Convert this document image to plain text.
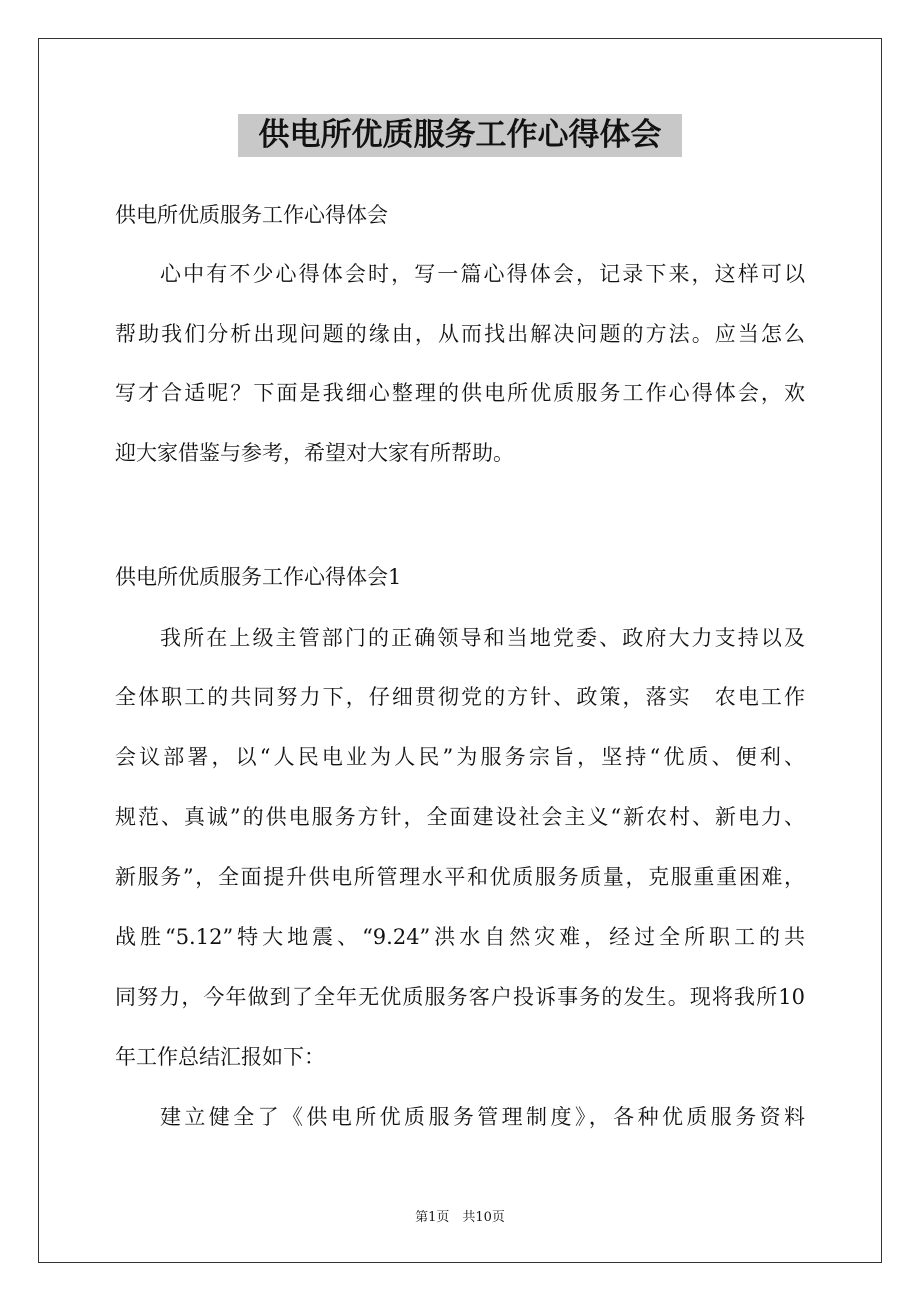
供电所优质服务工作心得体会
供电所优质服务工作心得体会
心中有不少心得体会时，写一篇心得体会，记录下来，这样可以
帮助我们分析出现问题的缘由，从而找出解决问题的方法。应当怎么
写才合适呢？下面是我细心整理的供电所优质服务工作心得体会，欢
迎大家借鉴与参考，希望对大家有所帮助。
供电所优质服务工作心得体会1
我所在上级主管部门的正确领导和当地党委、政府大力支持以及
全体职工的共同努力下，仔细贯彻党的方针、政策，落实　农电工作
会议部署，以“人民电业为人民”为服务宗旨，坚持“优质、便利、
规范、真诚”的供电服务方针，全面建设社会主义“新农村、新电力、
新服务”，全面提升供电所管理水平和优质服务质量，克服重重困难，
战胜“5.12”特大地震、“9.24”洪水自然灾难，经过全所职工的共
同努力，今年做到了全年无优质服务客户投诉事务的发生。现将我所10
年工作总结汇报如下：
建立健全了《供电所优质服务管理制度》，各种优质服务资料
第1页　共10页
